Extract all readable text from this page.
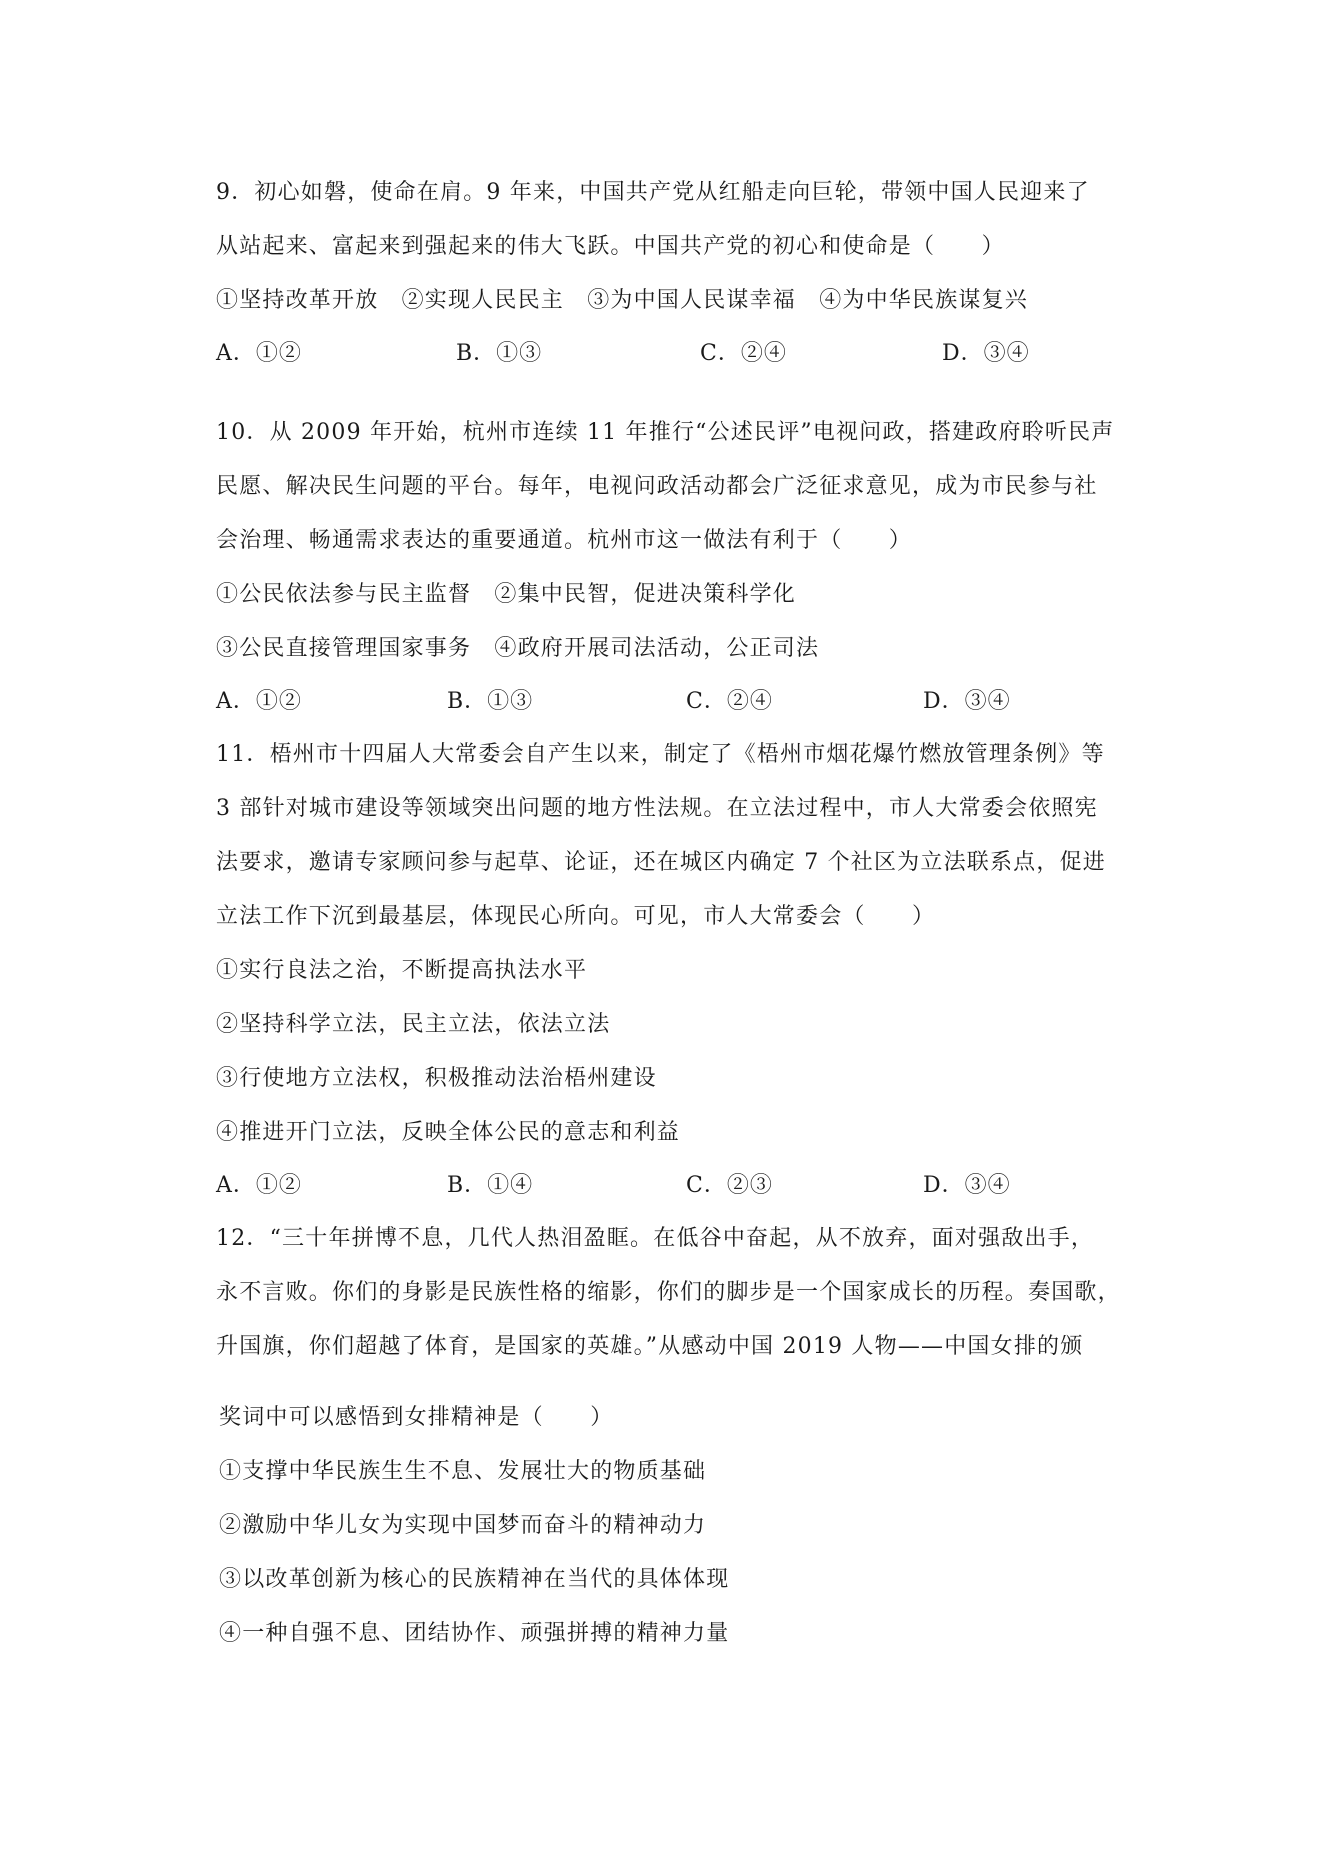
9．初心如磐，使命在肩。9 年来，中国共产党从红船走向巨轮，带领中国人民迎来了
从站起来、富起来到强起来的伟大飞跃。中国共产党的初心和使命是（　　）
①坚持改革开放　②实现人民民主　③为中国人民谋幸福　④为中华民族谋复兴
A．①②	B．①③	C．②④	D．③④
10．从 2009 年开始，杭州市连续 11 年推行“公述民评”电视问政，搭建政府聆听民声
民愿、解决民生问题的平台。每年，电视问政活动都会广泛征求意见，成为市民参与社
会治理、畅通需求表达的重要通道。杭州市这一做法有利于（　　）
①公民依法参与民主监督　②集中民智，促进决策科学化
③公民直接管理国家事务　④政府开展司法活动，公正司法
A．①②	B．①③	C．②④	D．③④
11．梧州市十四届人大常委会自产生以来，制定了《梧州市烟花爆竹燃放管理条例》等
3 部针对城市建设等领域突出问题的地方性法规。在立法过程中，市人大常委会依照宪
法要求，邀请专家顾问参与起草、论证，还在城区内确定 7 个社区为立法联系点，促进
立法工作下沉到最基层，体现民心所向。可见，市人大常委会（　　）
①实行良法之治，不断提高执法水平
②坚持科学立法，民主立法，依法立法
③行使地方立法权，积极推动法治梧州建设
④推进开门立法，反映全体公民的意志和利益
A．①②	B．①④	C．②③	D．③④
12．“三十年拼博不息，几代人热泪盈眶。在低谷中奋起，从不放弃，面对强敌出手，
永不言败。你们的身影是民族性格的缩影，你们的脚步是一个国家成长的历程。奏国歌，
升国旗，你们超越了体育，是国家的英雄。”从感动中国 2019 人物——中国女排的颁
奖词中可以感悟到女排精神是（　　）
①支撑中华民族生生不息、发展壮大的物质基础
②激励中华儿女为实现中国梦而奋斗的精神动力
③以改革创新为核心的民族精神在当代的具体体现
④一种自强不息、团结协作、顽强拼搏的精神力量
